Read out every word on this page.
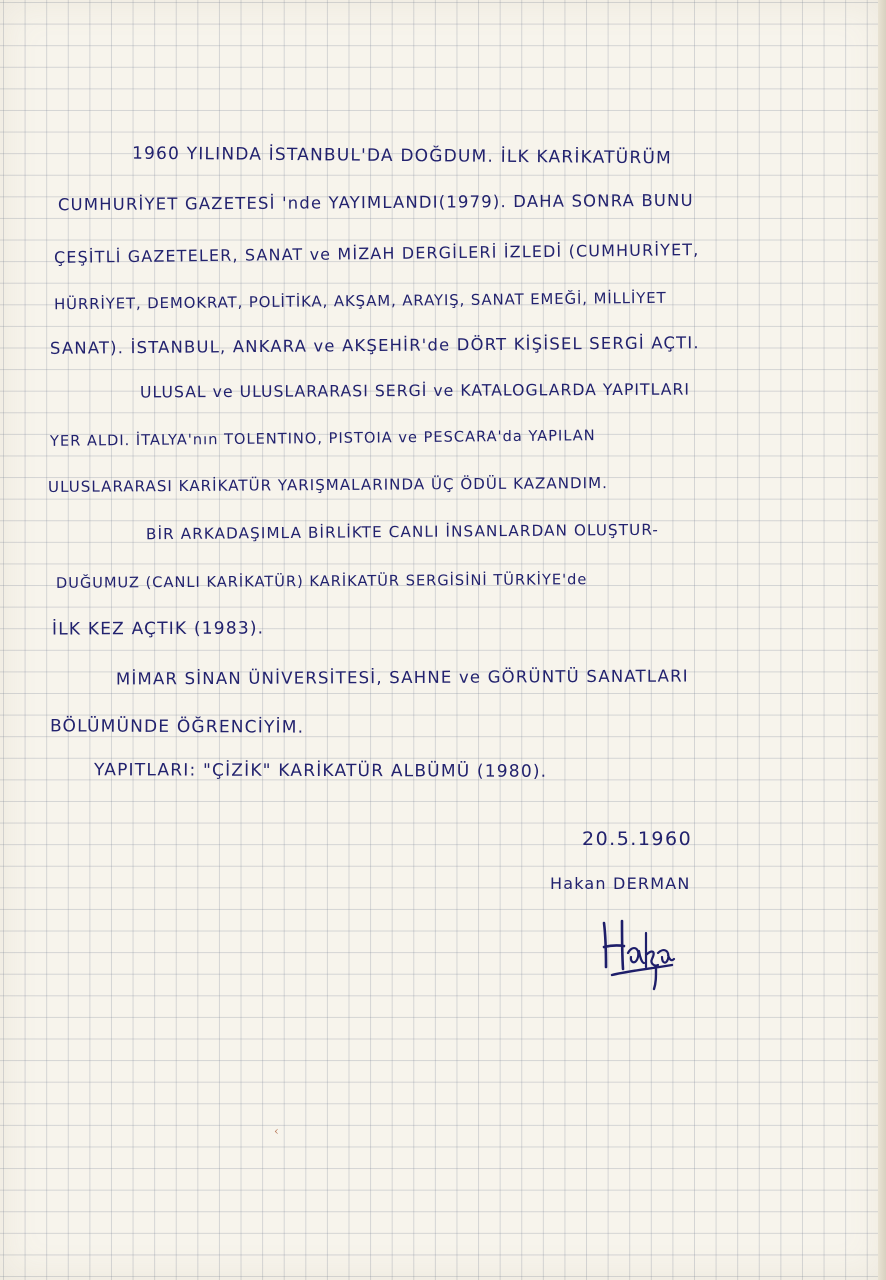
1960 YILINDA İSTANBUL'DA DOĞDUM. İLK KARİKATÜRÜM
CUMHURİYET GAZETESİ 'nde YAYIMLANDI(1979). DAHA SONRA BUNU
ÇEŞİTLİ GAZETELER, SANAT ve MİZAH DERGİLERİ İZLEDİ (CUMHURİYET,
HÜRRİYET, DEMOKRAT, POLİTİKA, AKŞAM, ARAYIŞ, SANAT EMEĞİ, MİLLİYET
SANAT). İSTANBUL, ANKARA ve AKŞEHİR'de DÖRT KİŞİSEL SERGİ AÇTI.
ULUSAL ve ULUSLARARASI SERGİ ve KATALOGLARDA YAPITLARI
YER ALDI. İTALYA'nın TOLENTINO, PISTOIA ve PESCARA'da YAPILAN
ULUSLARARASI KARİKATÜR YARIŞMALARINDA ÜÇ ÖDÜL KAZANDIM.
BİR ARKADAŞIMLA BİRLİKTE CANLI İNSANLARDAN OLUŞTUR-
DUĞUMUZ (CANLI KARİKATÜR) KARİKATÜR SERGİSİNİ TÜRKİYE'de
İLK KEZ AÇTIK (1983).
MİMAR SİNAN ÜNİVERSİTESİ, SAHNE ve GÖRÜNTÜ SANATLARI
BÖLÜMÜNDE ÖĞRENCİYİM.
YAPITLARI: "ÇİZİK" KARİKATÜR ALBÜMÜ (1980).
20.5.1960
Hakan DERMAN
‹
